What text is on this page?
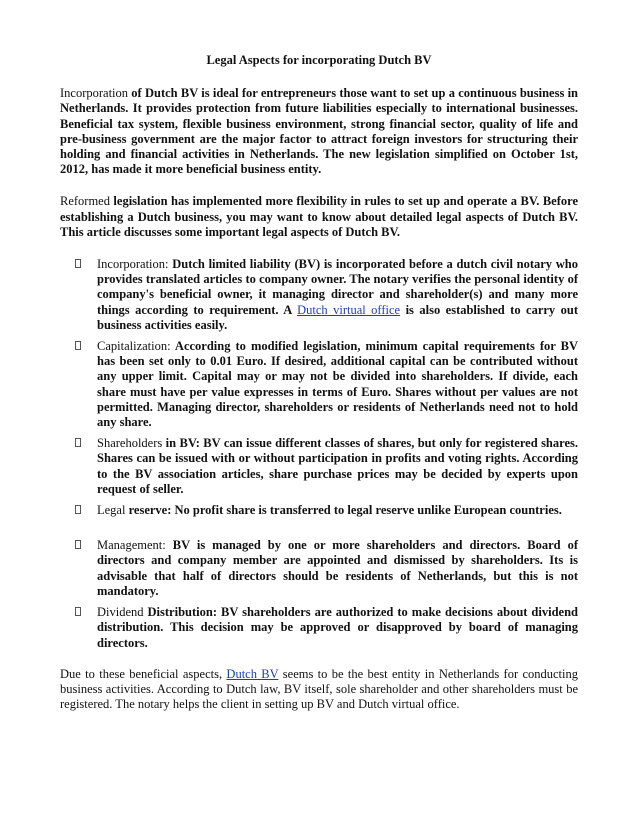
Legal Aspects for incorporating Dutch BV

Incorporation of Dutch BV is ideal for entrepreneurs those want to set up a continuous business in Netherlands. It provides protection from future liabilities especially to international businesses. Beneficial tax system, flexible business environment, strong financial sector, quality of life and pre-business government are the major factor to attract foreign investors for structuring their holding and financial activities in Netherlands. The new legislation simplified on October 1st, 2012, has made it more beneficial business entity.

Reformed legislation has implemented more flexibility in rules to set up and operate a BV. Before establishing a Dutch business, you may want to know about detailed legal aspects of Dutch BV. This article discusses some important legal aspects of Dutch BV.

Incorporation: Dutch limited liability (BV) is incorporated before a dutch civil notary who provides translated articles to company owner. The notary verifies the personal identity of company's beneficial owner, it managing director and shareholder(s) and many more things according to requirement. A Dutch virtual office is also established to carry out business activities easily.
Capitalization: According to modified legislation, minimum capital requirements for BV has been set only to 0.01 Euro. If desired, additional capital can be contributed without any upper limit. Capital may or may not be divided into shareholders. If divide, each share must have per value expresses in terms of Euro. Shares without per values are not permitted. Managing director, shareholders or residents of Netherlands need not to hold any share.
Shareholders in BV: BV can issue different classes of shares, but only for registered shares. Shares can be issued with or without participation in profits and voting rights. According to the BV association articles, share purchase prices may be decided by experts upon request of seller.
Legal reserve: No profit share is transferred to legal reserve unlike European countries.
Management: BV is managed by one or more shareholders and directors. Board of directors and company member are appointed and dismissed by shareholders. Its is advisable that half of directors should be residents of Netherlands, but this is not mandatory.
Dividend Distribution: BV shareholders are authorized to make decisions about dividend distribution. This decision may be approved or disapproved by board of managing directors.

Due to these beneficial aspects, Dutch BV seems to be the best entity in Netherlands for conducting business activities. According to Dutch law, BV itself, sole shareholder and other shareholders must be registered. The notary helps the client in setting up BV and Dutch virtual office.
